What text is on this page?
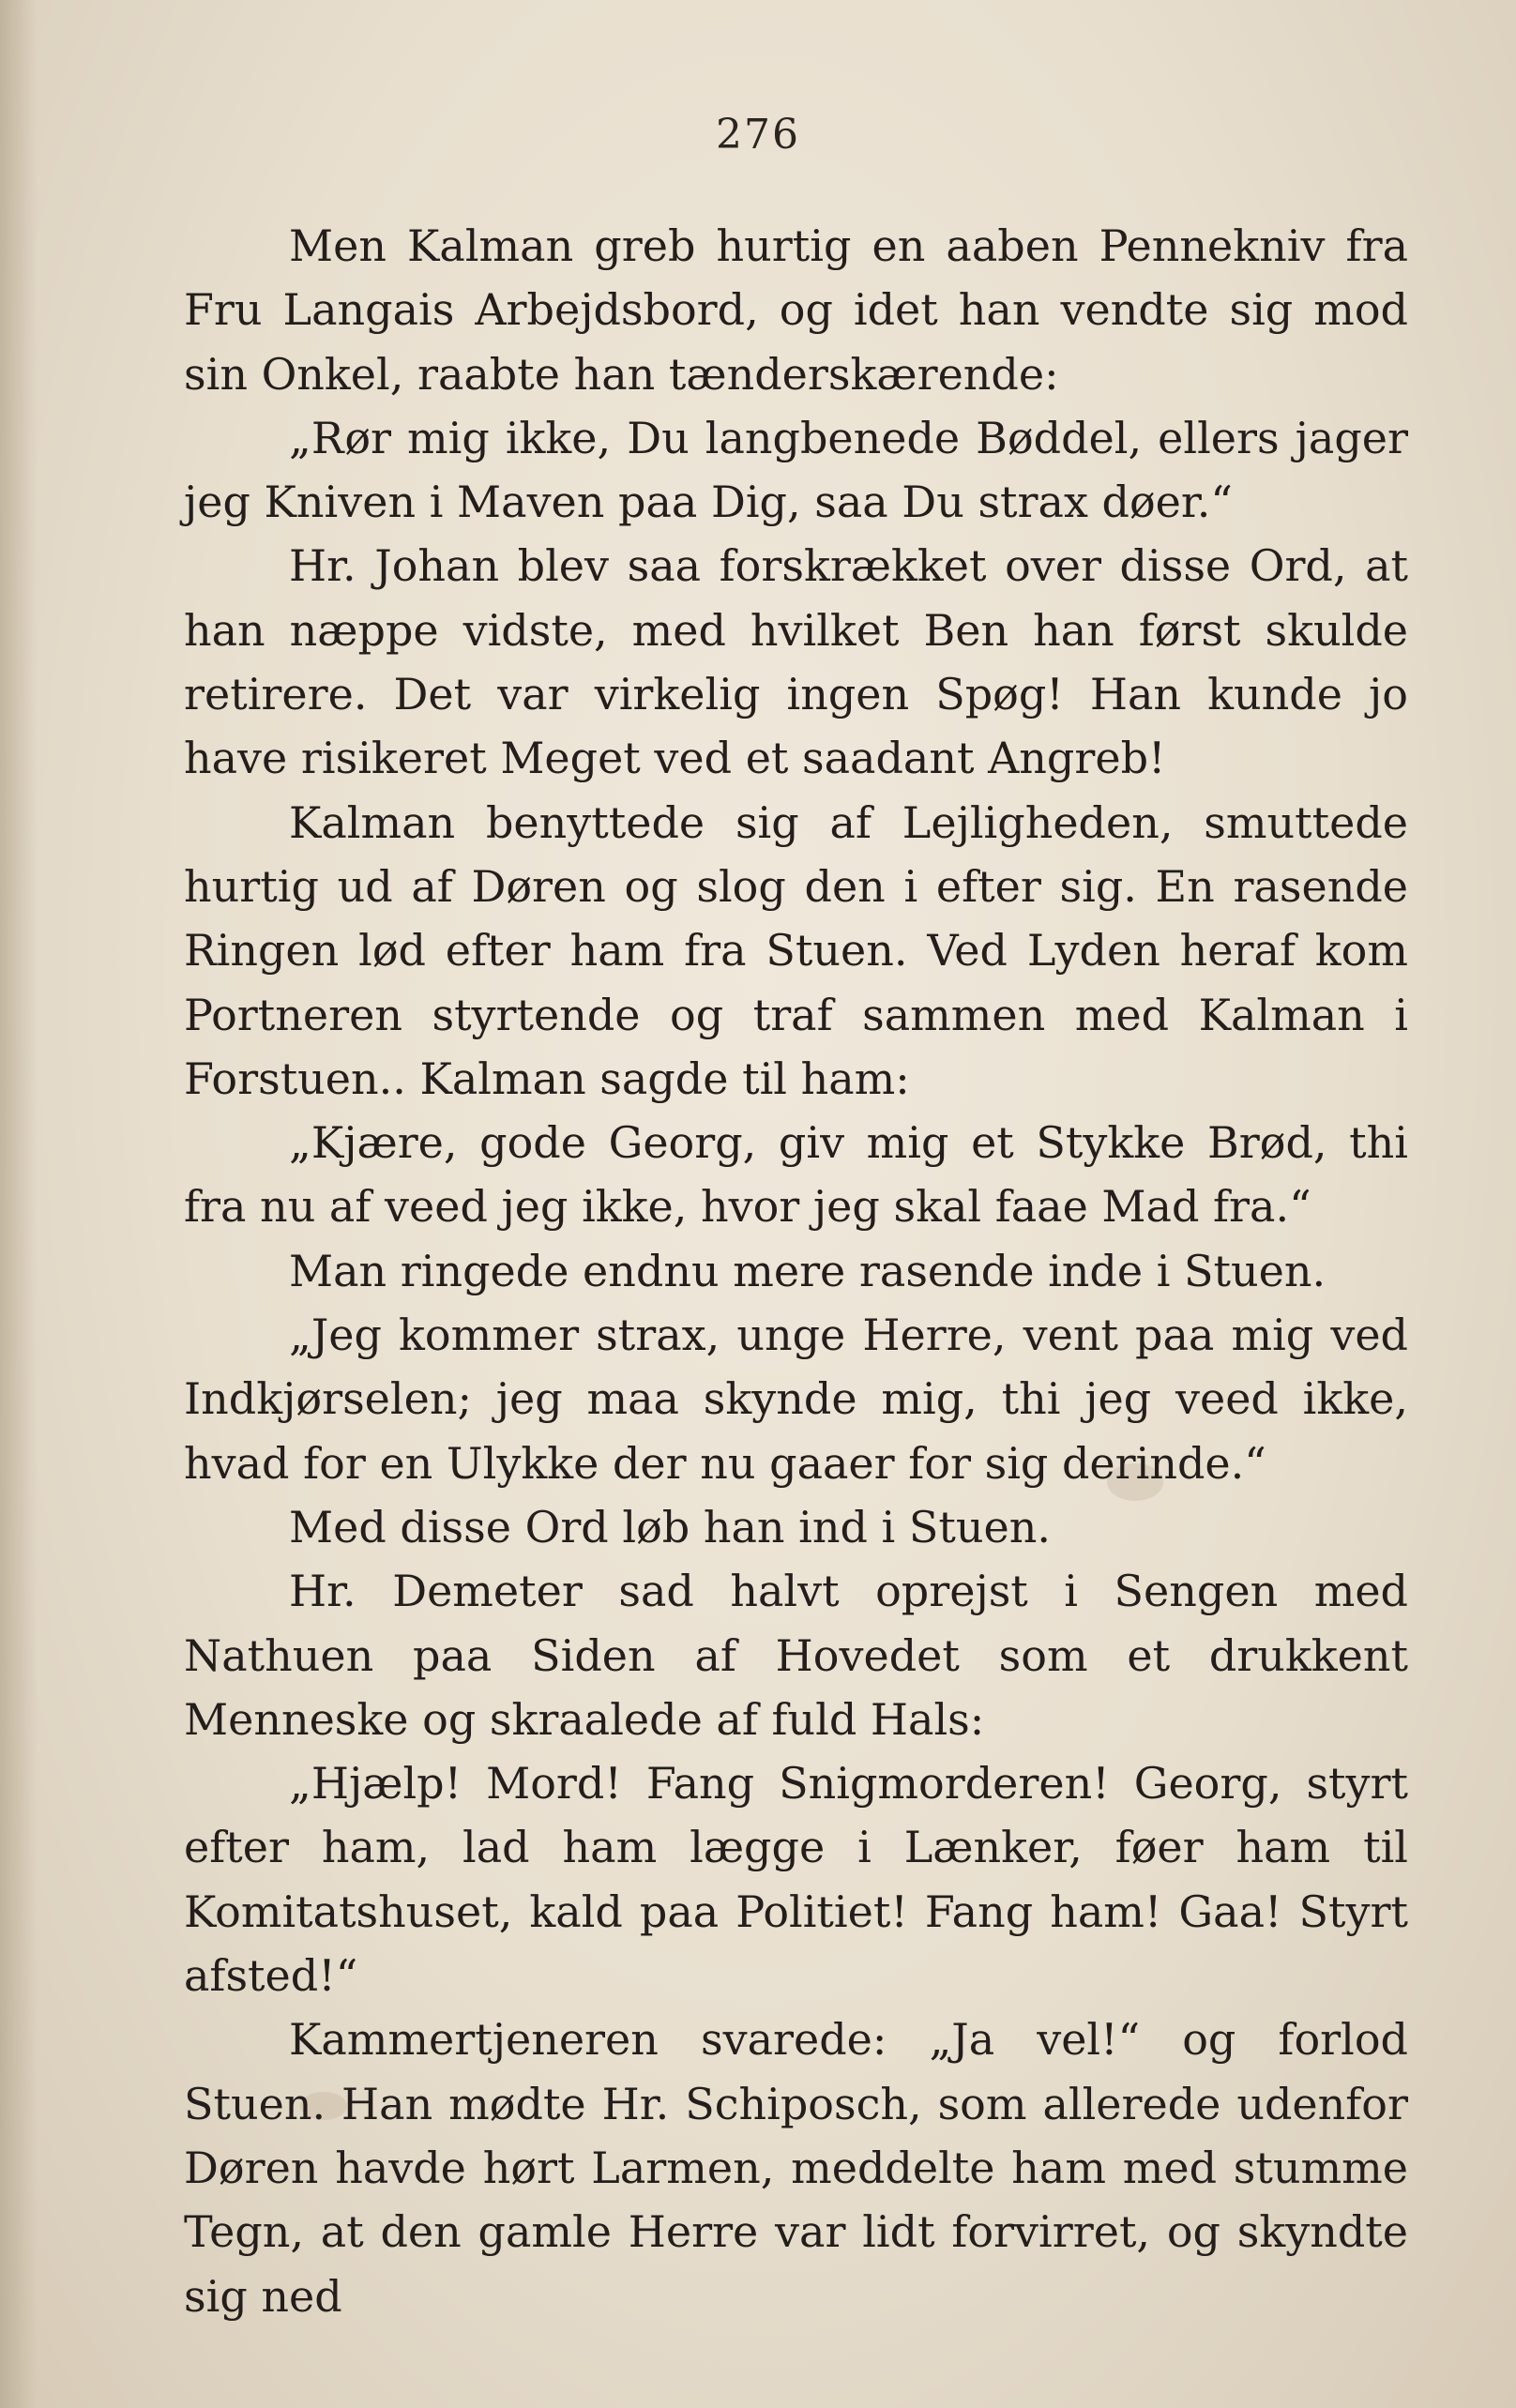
276

Men Kalman greb hurtig en aaben Pennekniv fra Fru Langais Arbejdsbord, og idet han vendte sig mod sin Onkel, raabte han tænderskærende:

„Rør mig ikke, Du langbenede Bøddel, ellers jager jeg Kniven i Maven paa Dig, saa Du strax døer.“

Hr. Johan blev saa forskrækket over disse Ord, at han næppe vidste, med hvilket Ben han først skulde retirere. Det var virkelig ingen Spøg! Han kunde jo have risikeret Meget ved et saadant Angreb!

Kalman benyttede sig af Lejligheden, smuttede hurtig ud af Døren og slog den i efter sig. En rasende Ringen lød efter ham fra Stuen. Ved Lyden heraf kom Portneren styrtende og traf sammen med Kalman i Forstuen.. Kalman sagde til ham:

„Kjære, gode Georg, giv mig et Stykke Brød, thi fra nu af veed jeg ikke, hvor jeg skal faae Mad fra.“

Man ringede endnu mere rasende inde i Stuen.

„Jeg kommer strax, unge Herre, vent paa mig ved Indkjørselen; jeg maa skynde mig, thi jeg veed ikke, hvad for en Ulykke der nu gaaer for sig derinde.“

Med disse Ord løb han ind i Stuen.

Hr. Demeter sad halvt oprejst i Sengen med Nathuen paa Siden af Hovedet som et drukkent Menneske og skraalede af fuld Hals:

„Hjælp! Mord! Fang Snigmorderen! Georg, styrt efter ham, lad ham lægge i Lænker, føer ham til Komitatshuset, kald paa Politiet! Fang ham! Gaa! Styrt afsted!“

Kammertjeneren svarede: „Ja vel!“ og forlod Stuen. Han mødte Hr. Schiposch, som allerede udenfor Døren havde hørt Larmen, meddelte ham med stumme Tegn, at den gamle Herre var lidt forvirret, og skyndte sig ned
